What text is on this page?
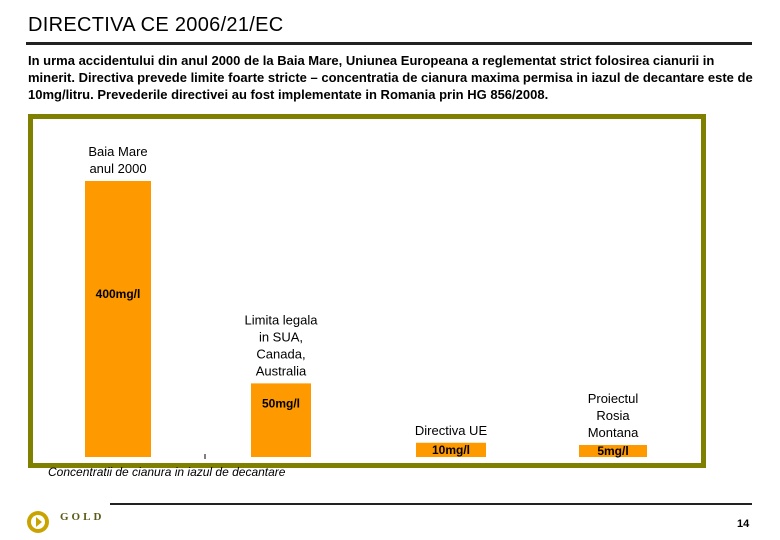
DIRECTIVA CE 2006/21/EC
In urma accidentului din anul 2000 de la Baia Mare, Uniunea Europeana a reglementat strict folosirea cianurii in minerit. Directiva prevede limite foarte stricte – concentratia de cianura maxima permisa in iazul de decantare este de 10mg/litru. Prevederile directivei au fost implementate in Romania prin HG 856/2008.
400mg/l
Baia Mare
anul 2000
50mg/l
Limita legala
in SUA,
Canada,
Australia
10mg/l
Directiva UE
5mg/l
Proiectul
Rosia
Montana
Concentratii de cianura in iazul de decantare
GOLD
14
